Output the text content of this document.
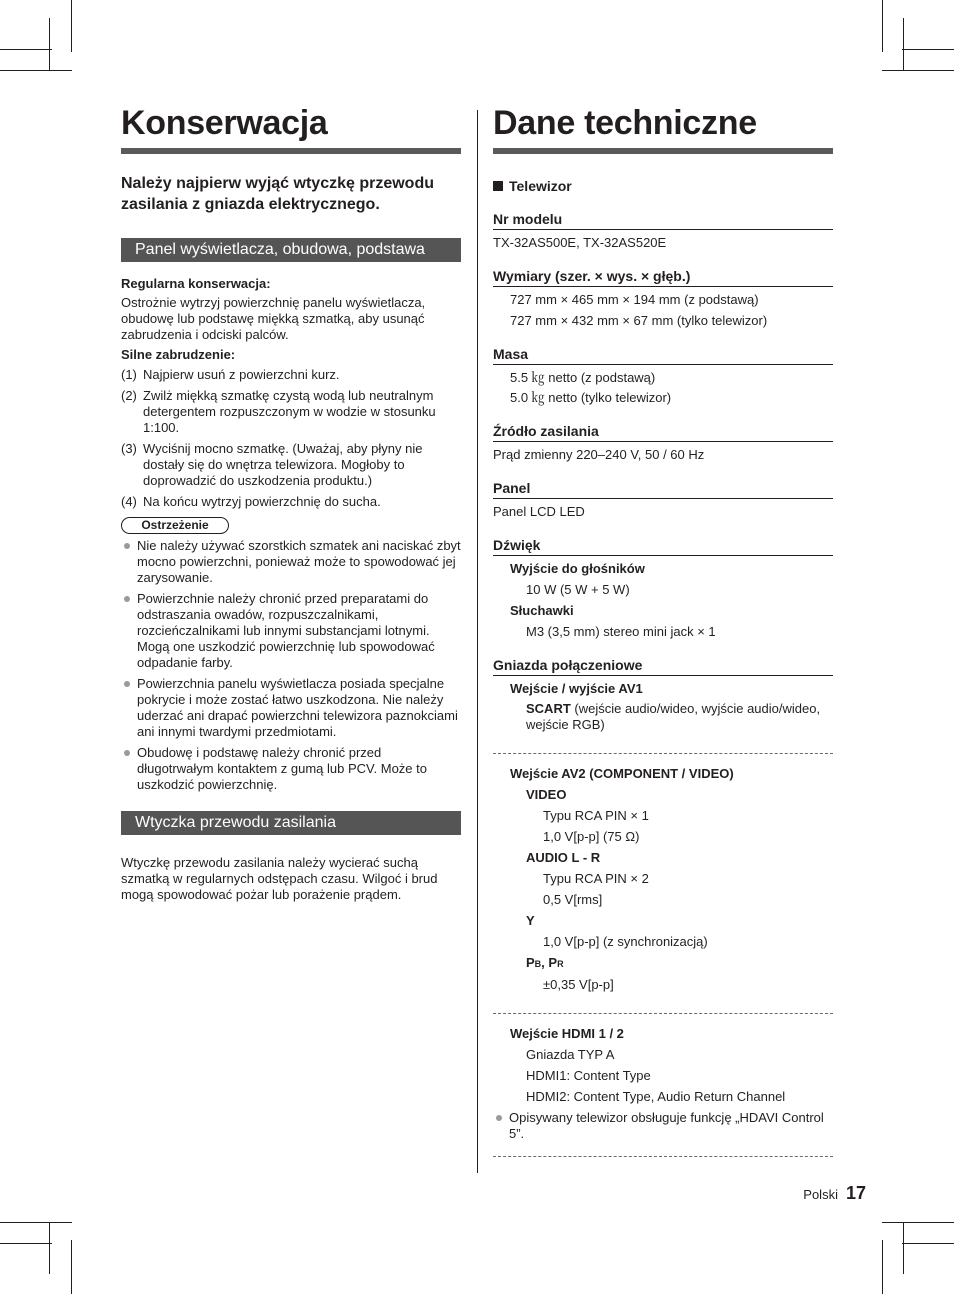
Konserwacja
Należy najpierw wyjąć wtyczkę przewodu zasilania z gniazda elektrycznego.
Panel wyświetlacza, obudowa, podstawa
Regularna konserwacja:

Ostrożnie wytrzyj powierzchnię panelu wyświetlacza, obudowę lub podstawę miękką szmatką, aby usunąć zabrudzenia i odciski palców.

Silne zabrudzenie:
(1) Najpierw usuń z powierzchni kurz.
(2) Zwilż miękką szmatkę czystą wodą lub neutralnym detergentem rozpuszczonym w wodzie w stosunku 1:100.
(3) Wyciśnij mocno szmatkę. (Uważaj, aby płyny nie dostały się do wnętrza telewizora. Mogłoby to doprowadzić do uszkodzenia produktu.)
(4) Na końcu wytrzyj powierzchnię do sucha.
Ostrzeżenie
Nie należy używać szorstkich szmatek ani naciskać zbyt mocno powierzchni, ponieważ może to spowodować jej zarysowanie.
Powierzchnie należy chronić przed preparatami do odstraszania owadów, rozpuszczalnikami, rozcieńczalnikami lub innymi substancjami lotnymi. Mogą one uszkodzić powierzchnię lub spowodować odpadanie farby.
Powierzchnia panelu wyświetlacza posiada specjalne pokrycie i może zostać łatwo uszkodzona. Nie należy uderzać ani drapać powierzchni telewizora paznokciami ani innymi twardymi przedmiotami.
Obudowę i podstawę należy chronić przed długotrwałym kontaktem z gumą lub PCV. Może to uszkodzić powierzchnię.
Wtyczka przewodu zasilania

Wtyczkę przewodu zasilania należy wycierać suchą szmatką w regularnych odstępach czasu. Wilgoć i brud mogą spowodować pożar lub porażenie prądem.

Dane techniczne
Telewizor
Nr modelu
TX-32AS500E, TX-32AS520E
Wymiary (szer. × wys. × głęb.)
727 mm × 465 mm × 194 mm (z podstawą)
727 mm × 432 mm × 67 mm (tylko telewizor)
Masa
5.5 ㎏ netto (z podstawą)
5.0 ㎏ netto (tylko telewizor)
Źródło zasilania
Prąd zmienny 220–240 V, 50 / 60 Hz
Panel
Panel LCD LED
Dźwięk
Wyjście do głośników
10 W (5 W + 5 W)
Słuchawki
M3 (3,5 mm) stereo mini jack × 1
Gniazda połączeniowe
Wejście / wyjście AV1
SCART (wejście audio/wideo, wyjście audio/wideo, wejście RGB)
Wejście AV2 (COMPONENT / VIDEO)
VIDEO
Typu RCA PIN × 1
1,0 V[p-p] (75 Ω)
AUDIO L - R
Typu RCA PIN × 2
0,5 V[rms]
Y
1,0 V[p-p] (z synchronizacją)
PB, PR
±0,35 V[p-p]
Wejście HDMI 1 / 2
Gniazda TYP A
HDMI1: Content Type
HDMI2: Content Type, Audio Return Channel
Opisywany telewizor obsługuje funkcję „HDAVI Control 5”.
Polski 17
